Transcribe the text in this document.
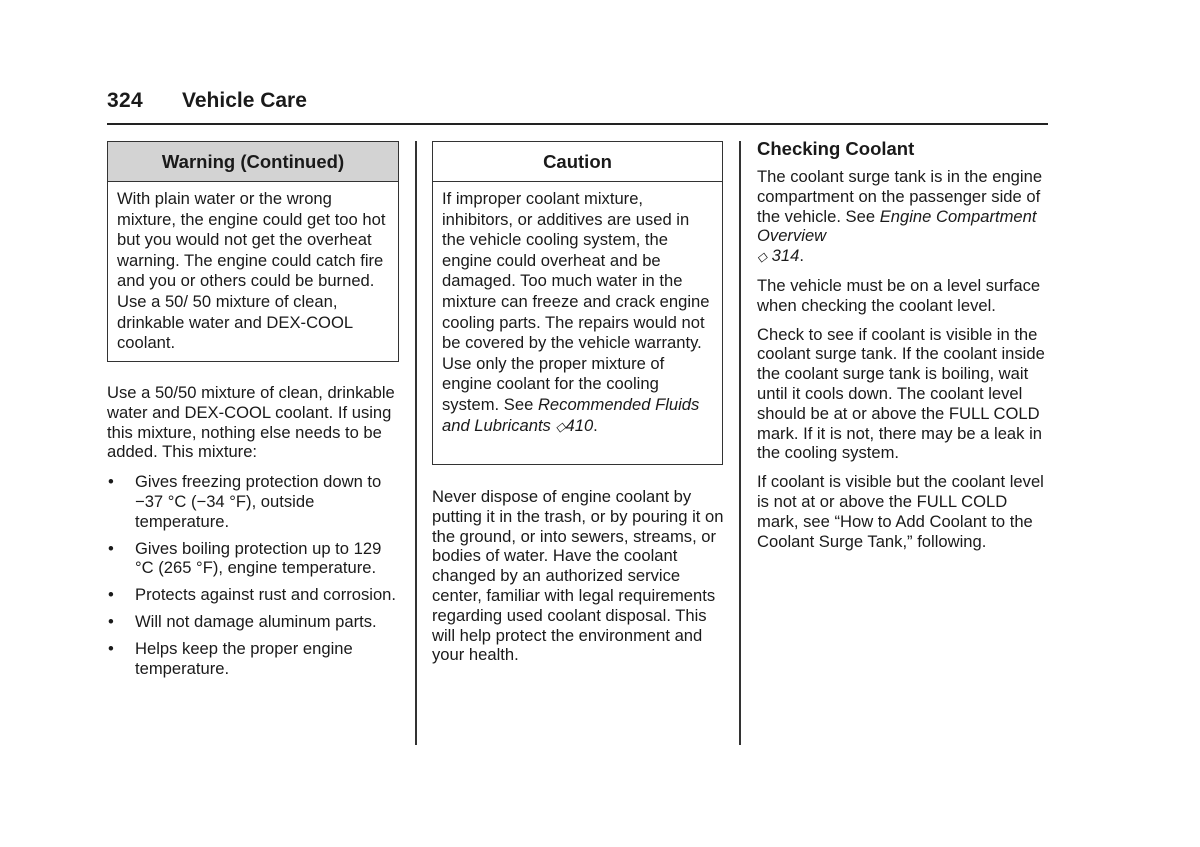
324 Vehicle Care
Warning (Continued)
With plain water or the wrong mixture, the engine could get too hot but you would not get the overheat warning. The engine could catch fire and you or others could be burned. Use a 50/ 50 mixture of clean, drinkable water and DEX-COOL coolant.

Use a 50/50 mixture of clean, drinkable water and DEX-COOL coolant. If using this mixture, nothing else needs to be added. This mixture:

• Gives freezing protection down to −37 °C (−34 °F), outside temperature.
• Gives boiling protection up to 129 °C (265 °F), engine temperature.
• Protects against rust and corrosion.
• Will not damage aluminum parts.
• Helps keep the proper engine temperature.
Caution
If improper coolant mixture, inhibitors, or additives are used in the vehicle cooling system, the engine could overheat and be damaged. Too much water in the mixture can freeze and crack engine cooling parts. The repairs would not be covered by the vehicle warranty. Use only the proper mixture of engine coolant for the cooling system. See Recommended Fluids and Lubricants ◇410.

Never dispose of engine coolant by putting it in the trash, or by pouring it on the ground, or into sewers, streams, or bodies of water. Have the coolant changed by an authorized service center, familiar with legal requirements regarding used coolant disposal. This will help protect the environment and your health.

Checking Coolant

The coolant surge tank is in the engine compartment on the passenger side of the vehicle. See Engine Compartment Overview
◇ 314.

The vehicle must be on a level surface when checking the coolant level.

Check to see if coolant is visible in the coolant surge tank. If the coolant inside the coolant surge tank is boiling, wait until it cools down. The coolant level should be at or above the FULL COLD mark. If it is not, there may be a leak in the cooling system.

If coolant is visible but the coolant level is not at or above the FULL COLD mark, see “How to Add Coolant to the Coolant Surge Tank,” following.
